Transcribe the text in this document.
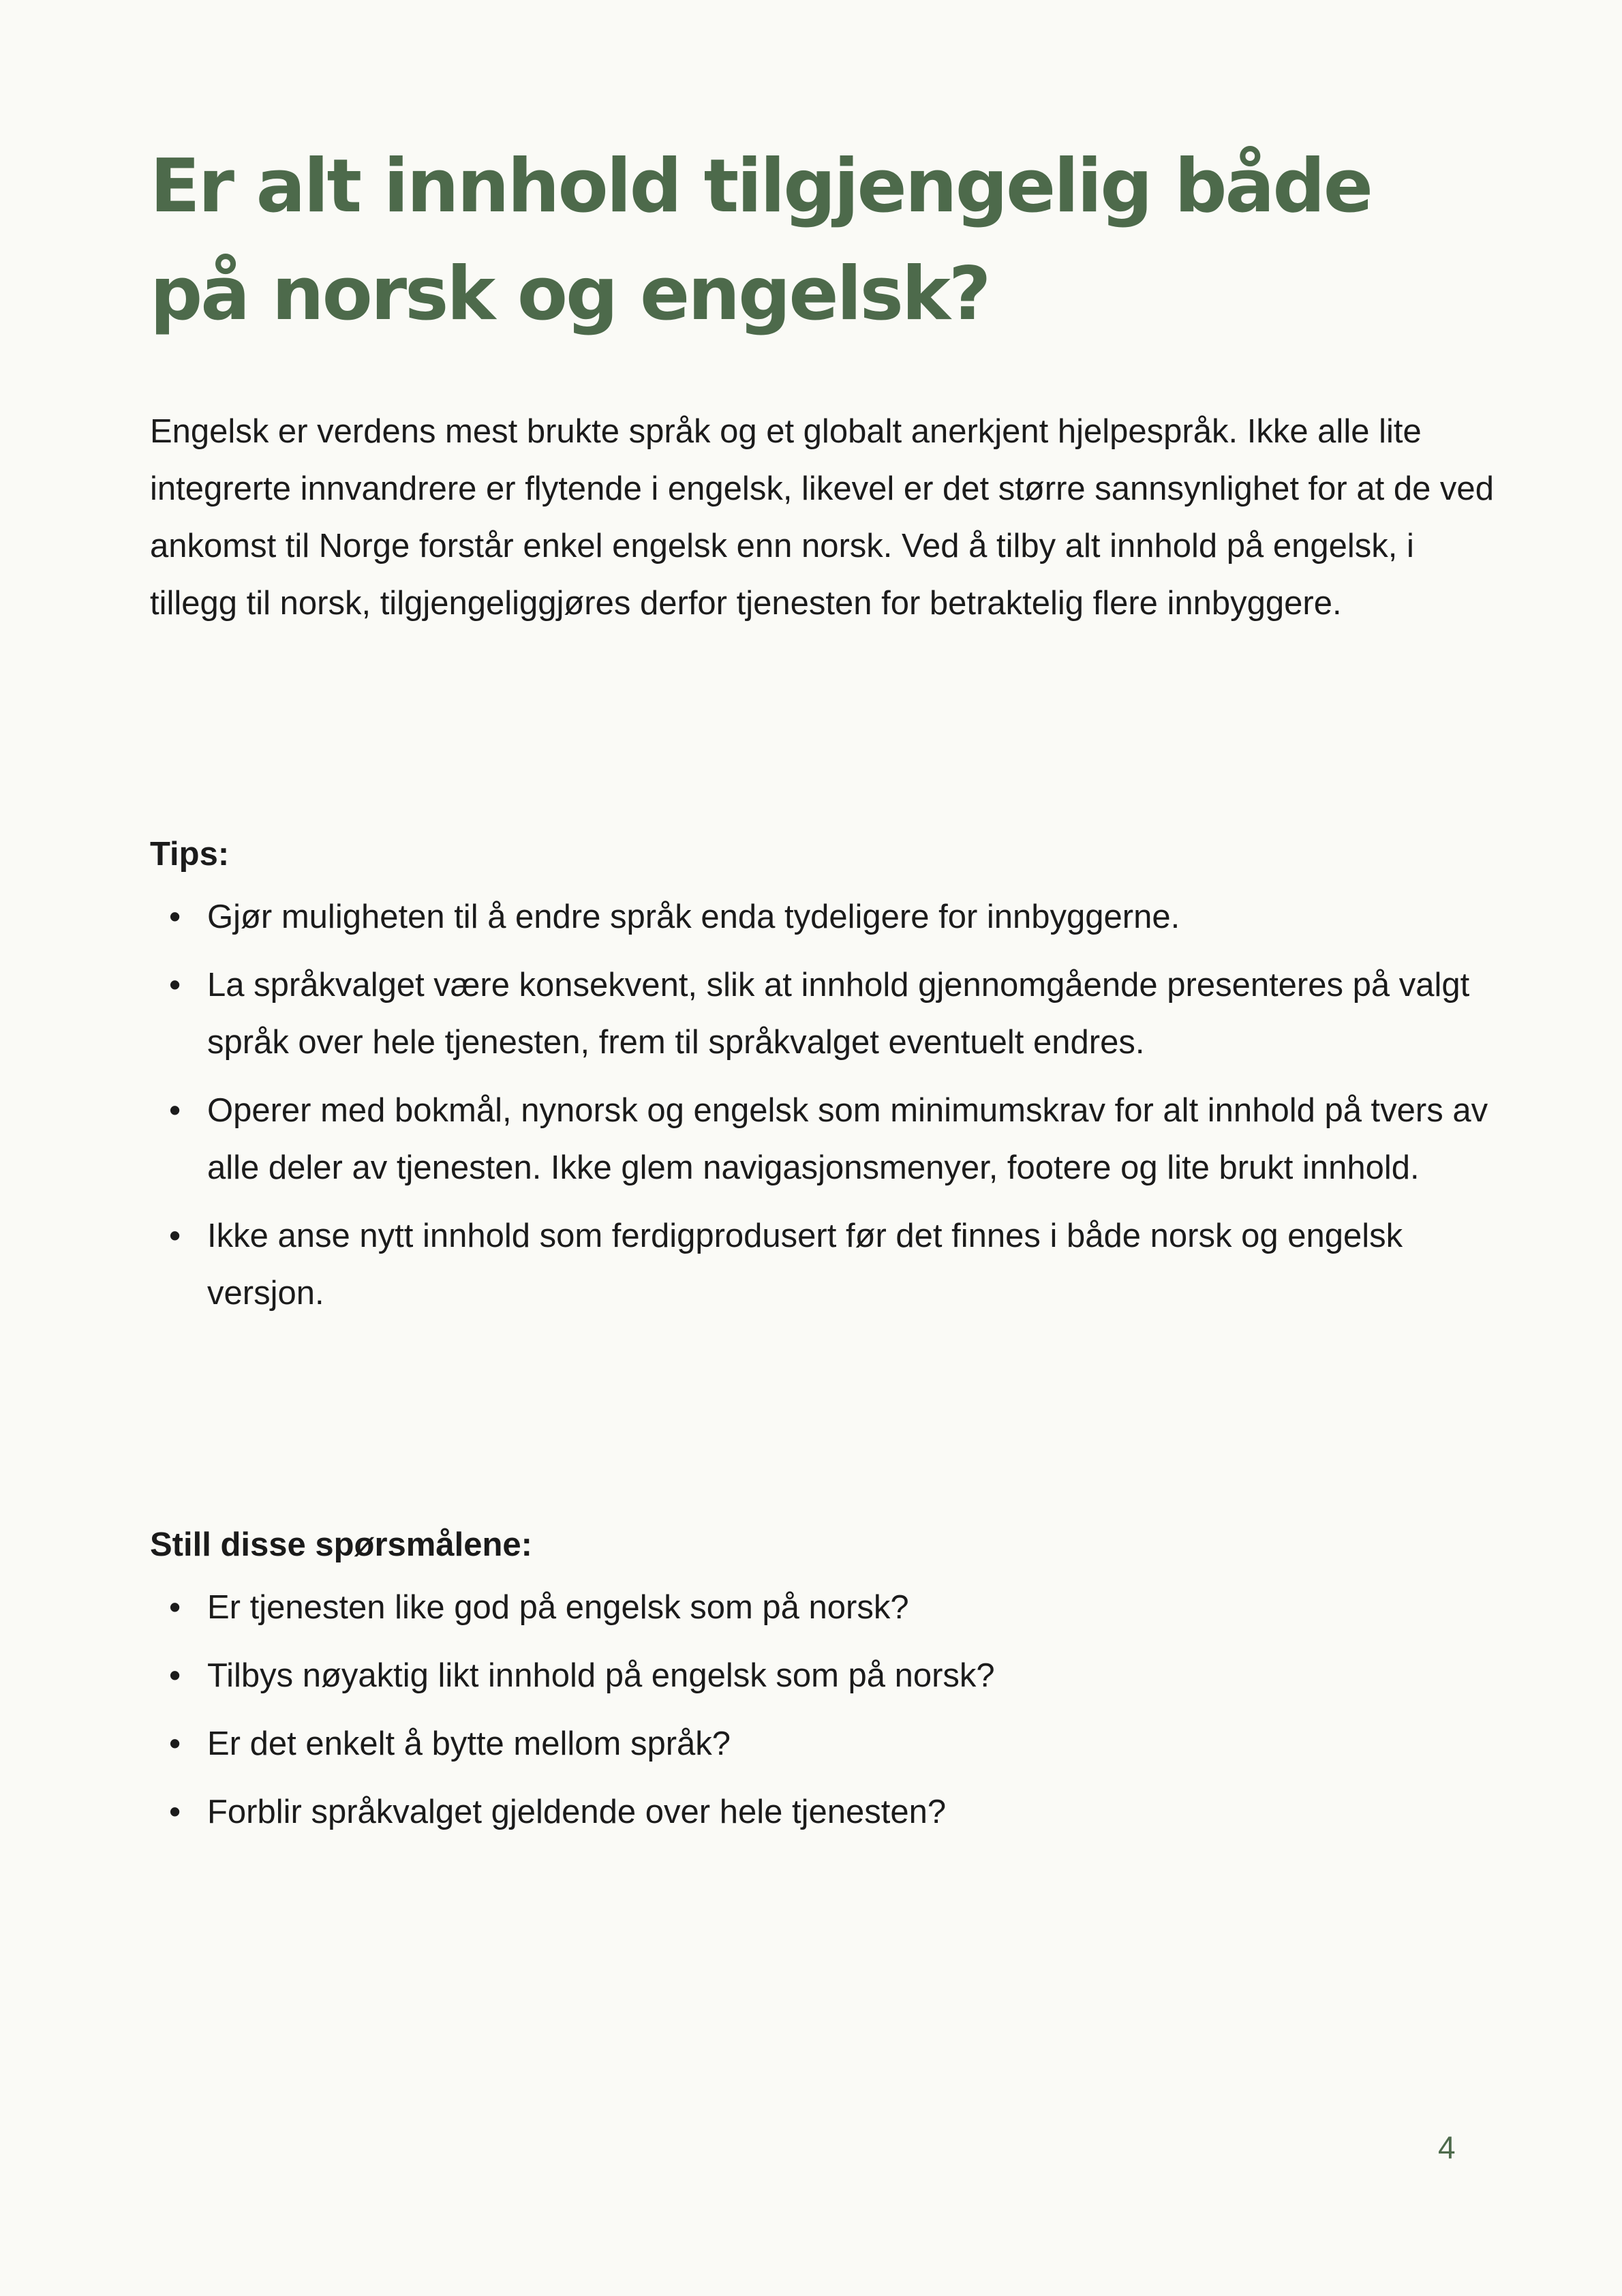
Er alt innhold tilgjengelig både på norsk og engelsk?

Engelsk er verdens mest brukte språk og et globalt anerkjent hjelpespråk. Ikke alle lite integrerte innvandrere er flytende i engelsk, likevel er det større sannsynlighet for at de ved ankomst til Norge forstår enkel engelsk enn norsk. Ved å tilby alt innhold på engelsk, i tillegg til norsk, tilgjengeliggjøres derfor tjenesten for betraktelig flere innbyggere.

Tips:
• Gjør muligheten til å endre språk enda tydeligere for innbyggerne.
• La språkvalget være konsekvent, slik at innhold gjennomgående presenteres på valgt språk over hele tjenesten, frem til språkvalget eventuelt endres.
• Operer med bokmål, nynorsk og engelsk som minimumskrav for alt innhold på tvers av alle deler av tjenesten. Ikke glem navigasjonsmenyer, footere og lite brukt innhold.
• Ikke anse nytt innhold som ferdigprodusert før det finnes i både norsk og engelsk versjon.
Still disse spørsmålene:
• Er tjenesten like god på engelsk som på norsk?
• Tilbys nøyaktig likt innhold på engelsk som på norsk?
• Er det enkelt å bytte mellom språk?
• Forblir språkvalget gjeldende over hele tjenesten?
4
